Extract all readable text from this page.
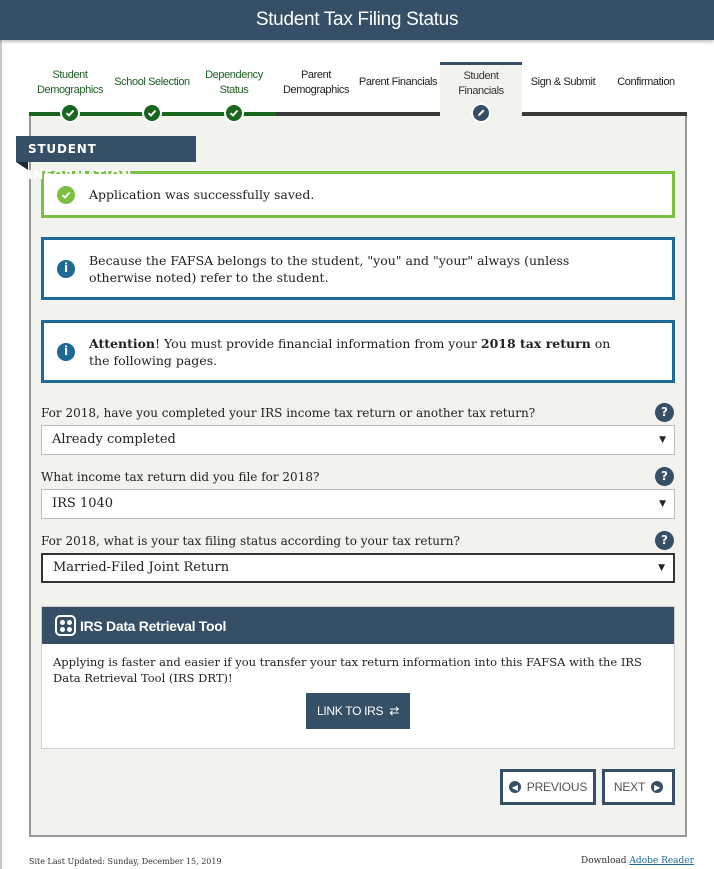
Student Tax Filing Status
Student Demographics
School Selection
Dependency Status
Parent Demographics
Parent Financials	Student Financials
Sign & Submit	Confirmation
STUDENT INFORMATION
Application was successfully saved.
i
Because the FAFSA belongs to the student, "you" and "your" always (unless otherwise noted) refer to the student.
i
Attention! You must provide financial information from your 2018 tax return on the following pages.
For 2018, have you completed your IRS income tax return or another tax return?	?
Already completed	▼
What income tax return did you file for 2018?	?
IRS 1040	▼
For 2018, what is your tax filing status according to your tax return?	?
Married-Filed Joint Return	▼
IRS Data Retrieval Tool
Applying is faster and easier if you transfer your tax return information into this FAFSA with the IRS Data Retrieval Tool (IRS DRT)!
LINK TO IRS ⇄
◀ PREVIOUS NEXT	▶
Site Last Updated: Sunday, December 15, 2019	Download Adobe Reader
